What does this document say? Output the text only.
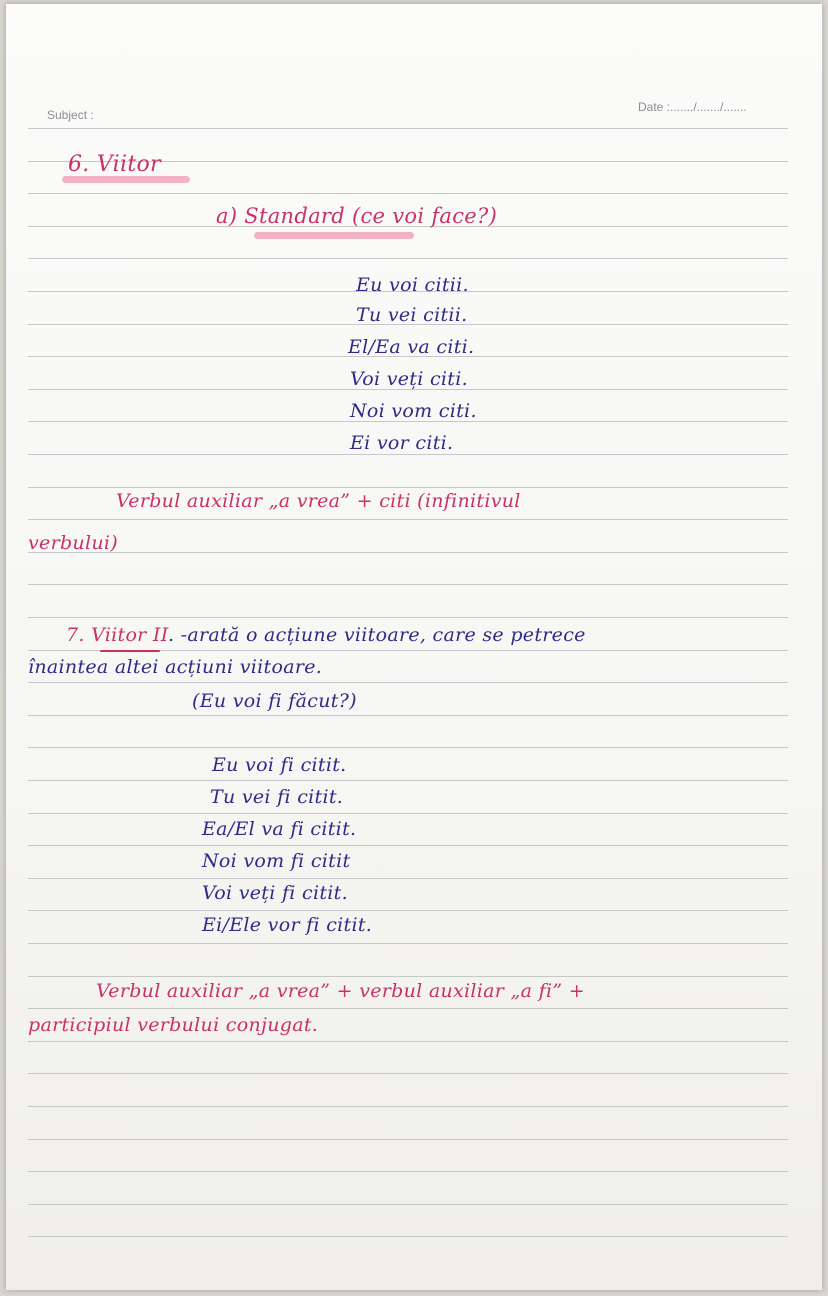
Subject :
Date :......./......./.......
6. Viitor
a) Standard (ce voi face?)
Eu voi citii.
Tu vei citii.
El/Ea va citi.
Voi veți citi.
Noi vom citi.
Ei vor citi.
Verbul auxiliar „a vrea” + citi (infinitivul
verbului)
7. Viitor II . -arată o acțiune viitoare, care se petrece
înaintea altei acțiuni viitoare.
(Eu voi fi făcut?)
Eu voi fi citit.
Tu vei fi citit.
Ea/El va fi citit.
Noi vom fi citit
Voi veți fi citit.
Ei/Ele vor fi citit.
Verbul auxiliar „a vrea” + verbul auxiliar „a fi” +
participiul verbului conjugat.
